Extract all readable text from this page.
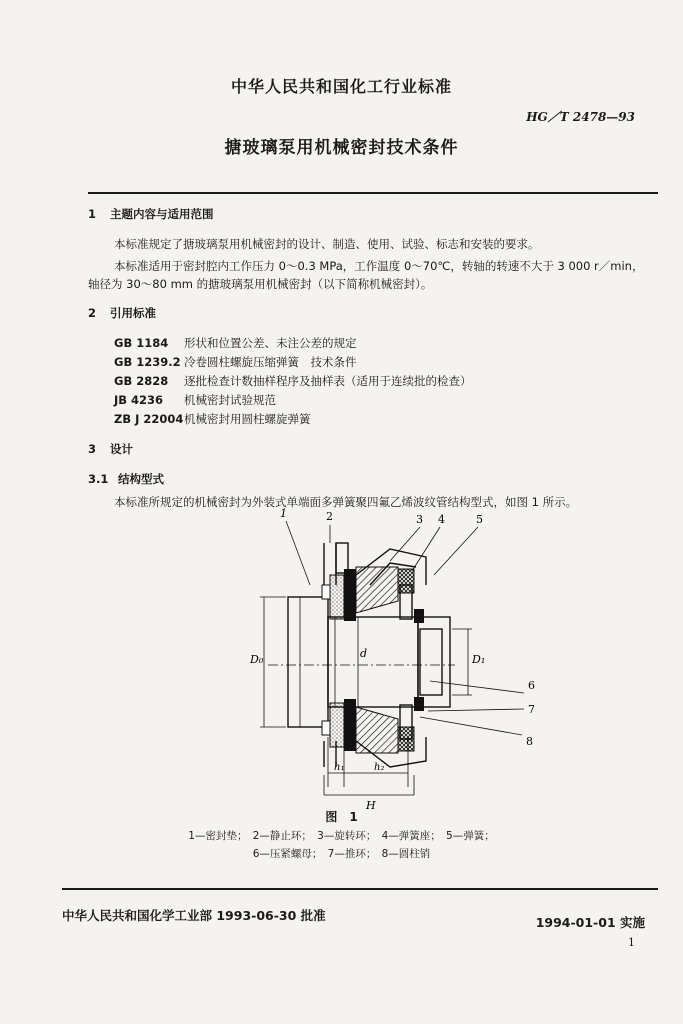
中华人民共和国化工行业标准
HG／T 2478—93
搪玻璃泵用机械密封技术条件
1 主题内容与适用范围
本标准规定了搪玻璃泵用机械密封的设计、制造、使用、试验、标志和安装的要求。
本标准适用于密封腔内工作压力 0～0.3 MPa，工作温度 0～70℃，转轴的转速不大于 3 000 r／min，
轴径为 30～80 mm 的搪玻璃泵用机械密封（以下简称机械密封）。
2 引用标准
GB 1184 形状和位置公差、未注公差的规定
GB 1239.2 冷卷圆柱螺旋压缩弹簧　技术条件
GB 2828 逐批检查计数抽样程序及抽样表（适用于连续批的检查）
JB 4236 机械密封试验规范
ZB J 22004机械密封用圆柱螺旋弹簧
3 设计
3.1 结构型式
本标准所规定的机械密封为外装式单端面多弹簧聚四氟乙烯波纹管结构型式，如图 1 所示。
1	2	3 4	5
6
7
8
D₀	D₁
d
h₁	h₂
H
图　1
1—密封垫；　2—静止环；　3—旋转环；　4—弹簧座；　5—弹簧；
6—压紧螺母；　7—推环；　8—圆柱销
中华人民共和国化学工业部 1993-06-30 批准	1994-01-01 实施
1
